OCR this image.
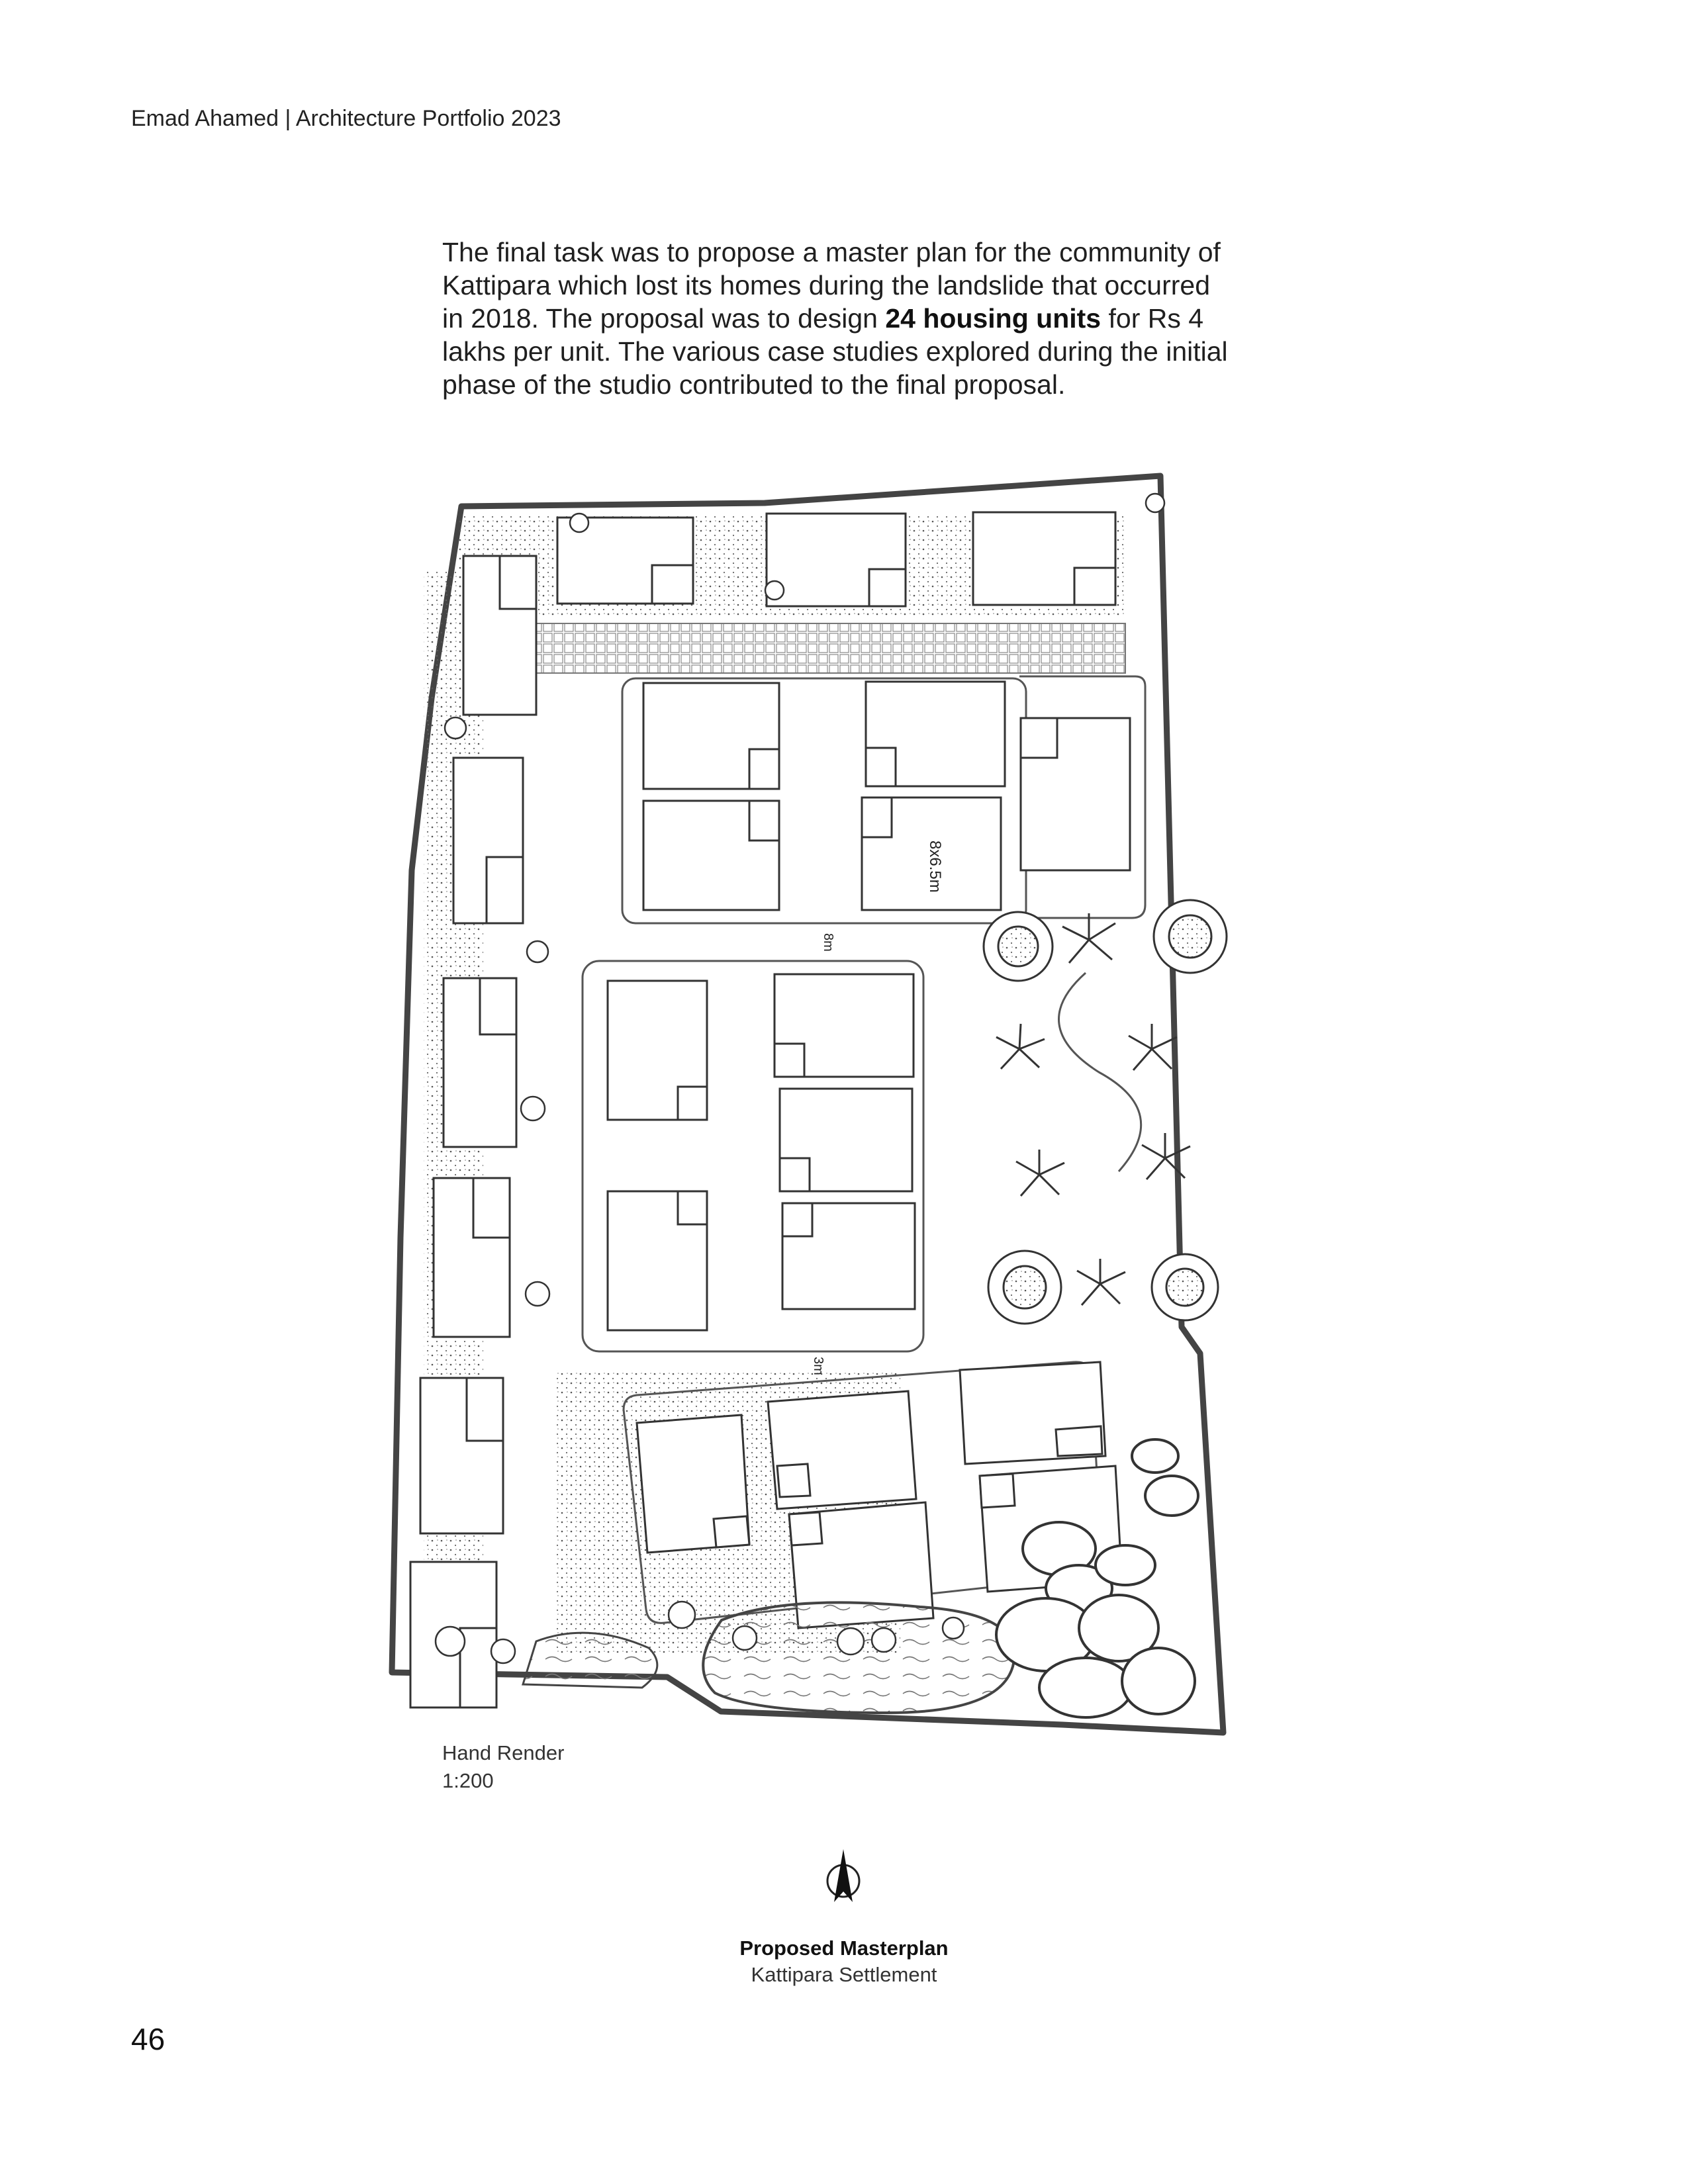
Emad Ahamed | Architecture Portfolio 2023
The final task was to propose a master plan for the community of Kattipara which lost its homes during the landslide that occurred in 2018. The proposal was to design 24 housing units for Rs 4 lakhs per unit. The various case studies explored during the initial phase of the studio contributed to the final proposal.
8x6.5m
8m
3m
Hand Render
1:200
Proposed Masterplan
Kattipara Settlement
46
